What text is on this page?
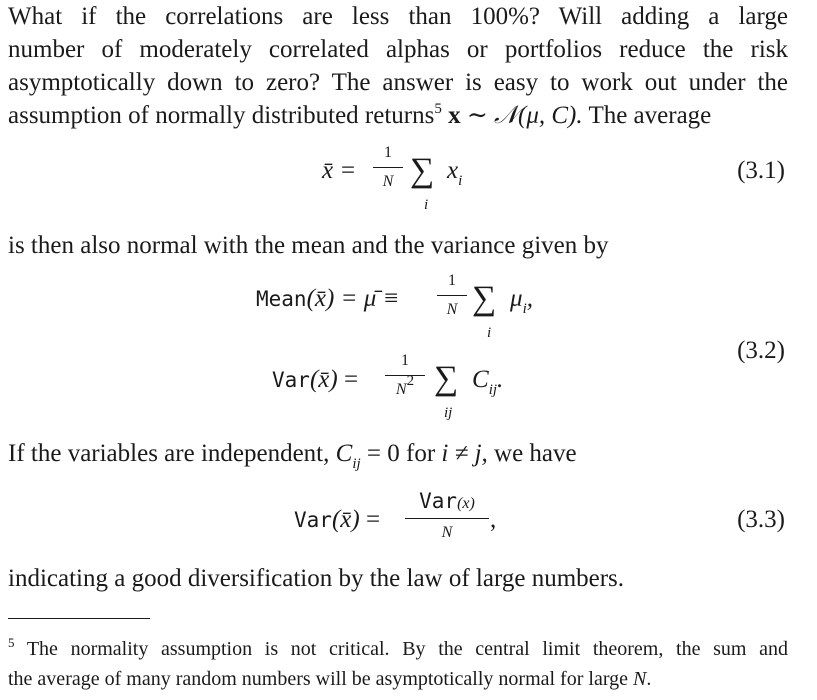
What if the correlations are less than 100%? Will adding a large
number of moderately correlated alphas or portfolios reduce the risk
asymptotically down to zero? The answer is easy to work out under the
assumption of normally distributed returns$^5$ x ∼ 𝒩(μ, C). The average
x̄ =
1
N ∑
i
$x_i$	(3.1)
is then also normal with the mean and the variance given by
Mean(x̄) = μ̄ ≡
1
N ∑
i
$\mu_i$,
(3.2)
Var(x̄) =
1
N2 ∑
ij
$C_{ij}$.
If the variables are independent, $C_{ij} = 0$ for i ≠ j, we have
Var(x̄) =
Var(x)
N	,	(3.3)
indicating a good diversification by the law of large numbers.
$^5$ The normality assumption is not critical. By the central limit theorem, the sum and
the average of many random numbers will be asymptotically normal for large N.
